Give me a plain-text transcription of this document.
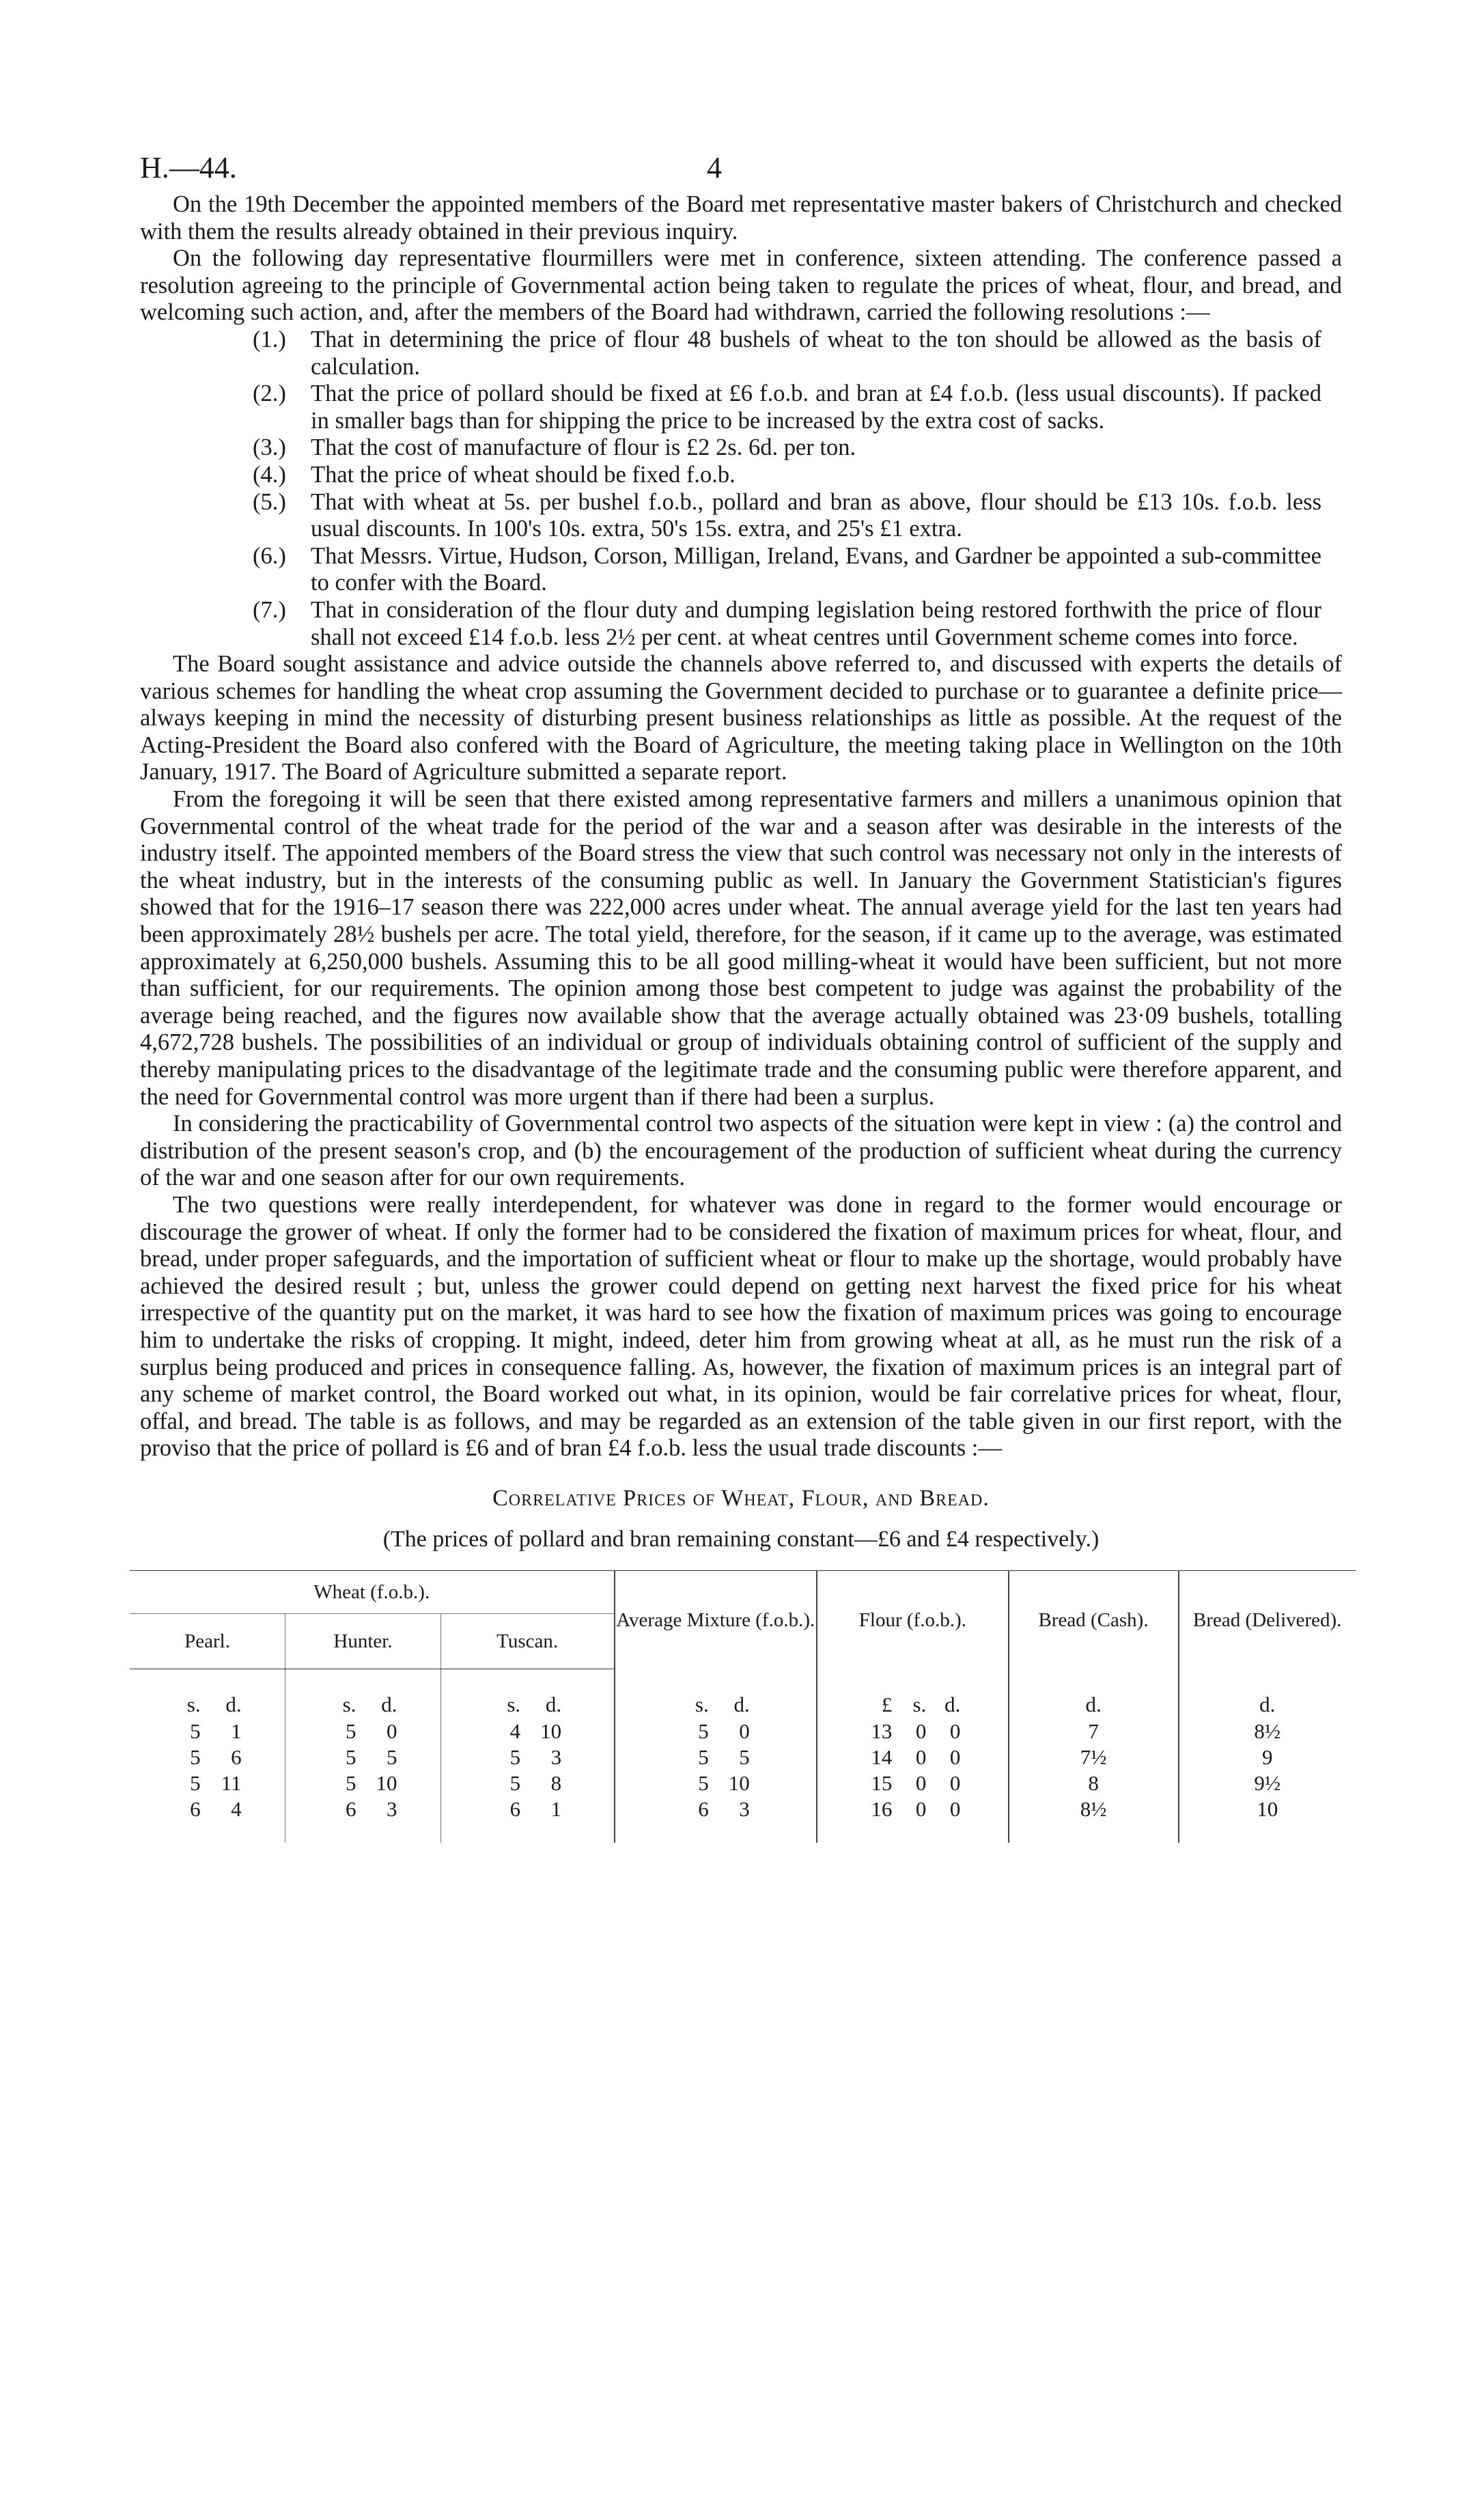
H.—44.	4

On the 19th December the appointed members of the Board met representative master bakers of Christchurch and checked with them the results already obtained in their previous inquiry.

On the following day representative flourmillers were met in conference, sixteen attending. The conference passed a resolution agreeing to the principle of Governmental action being taken to regulate the prices of wheat, flour, and bread, and welcoming such action, and, after the members of the Board had withdrawn, carried the following resolutions :—

(1.)	That in determining the price of flour 48 bushels of wheat to the ton should be allowed as the basis of calculation.
(2.)	That the price of pollard should be fixed at £6 f.o.b. and bran at £4 f.o.b. (less usual discounts). If packed in smaller bags than for shipping the price to be increased by the extra cost of sacks.
(3.)	That the cost of manufacture of flour is £2 2s. 6d. per ton.
(4.)	That the price of wheat should be fixed f.o.b.
(5.)	That with wheat at 5s. per bushel f.o.b., pollard and bran as above, flour should be £13 10s. f.o.b. less usual discounts. In 100's 10s. extra, 50's 15s. extra, and 25's £1 extra.
(6.)	That Messrs. Virtue, Hudson, Corson, Milligan, Ireland, Evans, and Gardner be appointed a sub-committee to confer with the Board.
(7.)	That in consideration of the flour duty and dumping legislation being restored forthwith the price of flour shall not exceed £14 f.o.b. less 2½ per cent. at wheat centres until Government scheme comes into force.

The Board sought assistance and advice outside the channels above referred to, and discussed with experts the details of various schemes for handling the wheat crop assuming the Government decided to purchase or to guarantee a definite price—always keeping in mind the necessity of disturbing present business relationships as little as possible. At the request of the Acting-President the Board also confered with the Board of Agriculture, the meeting taking place in Wellington on the 10th January, 1917. The Board of Agriculture submitted a separate report.

From the foregoing it will be seen that there existed among representative farmers and millers a unanimous opinion that Governmental control of the wheat trade for the period of the war and a season after was desirable in the interests of the industry itself. The appointed members of the Board stress the view that such control was necessary not only in the interests of the wheat industry, but in the interests of the consuming public as well. In January the Government Statistician's figures showed that for the 1916–17 season there was 222,000 acres under wheat. The annual average yield for the last ten years had been approximately 28½ bushels per acre. The total yield, therefore, for the season, if it came up to the average, was estimated approximately at 6,250,000 bushels. Assuming this to be all good milling-wheat it would have been sufficient, but not more than sufficient, for our requirements. The opinion among those best competent to judge was against the probability of the average being reached, and the figures now available show that the average actually obtained was 23·09 bushels, totalling 4,672,728 bushels. The possibilities of an individual or group of individuals obtaining control of sufficient of the supply and thereby manipulating prices to the disadvantage of the legitimate trade and the consuming public were therefore apparent, and the need for Governmental control was more urgent than if there had been a surplus.

In considering the practicability of Governmental control two aspects of the situation were kept in view : (a) the control and distribution of the present season's crop, and (b) the encouragement of the production of sufficient wheat during the currency of the war and one season after for our own requirements.

The two questions were really interdependent, for whatever was done in regard to the former would encourage or discourage the grower of wheat. If only the former had to be considered the fixation of maximum prices for wheat, flour, and bread, under proper safeguards, and the importation of sufficient wheat or flour to make up the shortage, would probably have achieved the desired result ; but, unless the grower could depend on getting next harvest the fixed price for his wheat irrespective of the quantity put on the market, it was hard to see how the fixation of maximum prices was going to encourage him to undertake the risks of cropping. It might, indeed, deter him from growing wheat at all, as he must run the risk of a surplus being produced and prices in consequence falling. As, however, the fixation of maximum prices is an integral part of any scheme of market control, the Board worked out what, in its opinion, would be fair correlative prices for wheat, flour, offal, and bread. The table is as follows, and may be regarded as an extension of the table given in our first report, with the proviso that the price of pollard is £6 and of bran £4 f.o.b. less the usual trade discounts :—

Correlative Prices of Wheat, Flour, and Bread.
(The prices of pollard and bran remaining constant—£6 and £4 respectively.)
Wheat (f.o.b.).			Average Mixture (f.o.b.).	Flour (f.o.b.).	Bread (Cash).	Bread (Delivered).
Pearl.	Hunter.	Tuscan.				
s. d.	s. d.	s. d.	s. d.	£ s. d.	d.	d.
5 1	5 0	4 10	5 0	13 0 0	7	8½
5 6	5 5	5 3	5 5	14 0 0	7½	9
5 11	5 10	5 8	5 10	15 0 0	8	9½
6 4	6 3	6 1	6 3	16 0 0	8½	10
